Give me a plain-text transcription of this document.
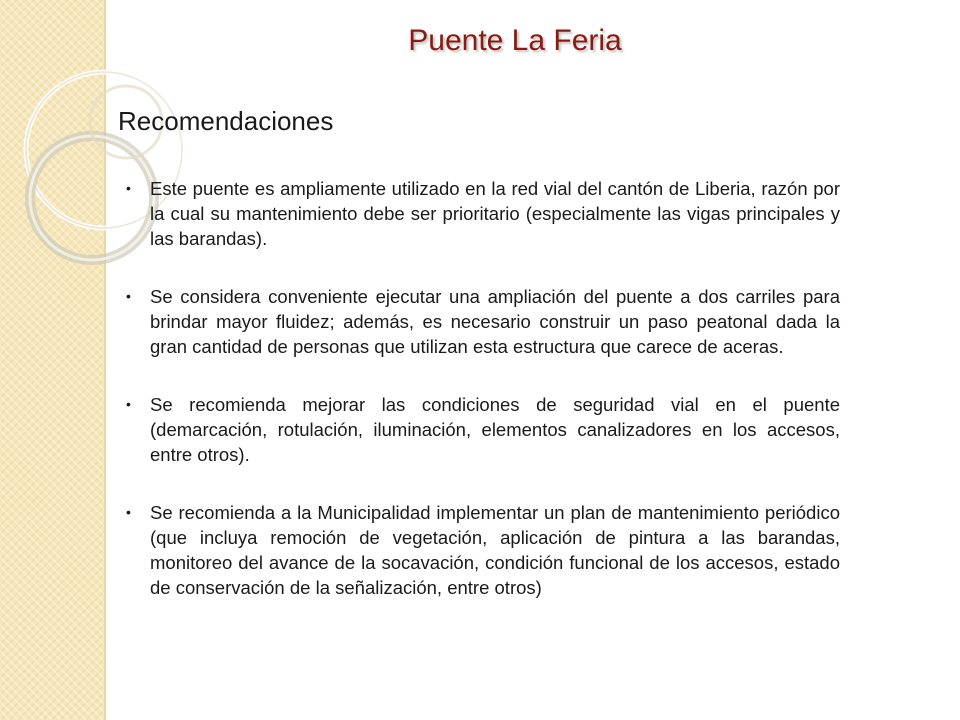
Puente La Feria
Recomendaciones
• Este puente es ampliamente utilizado en la red vial del cantón de Liberia, razón por la cual su mantenimiento debe ser prioritario (especialmente las vigas principales y las barandas).
• Se considera conveniente ejecutar una ampliación del puente a dos carriles para brindar mayor fluidez; además, es necesario construir un paso peatonal dada la gran cantidad de personas que utilizan esta estructura que carece de aceras.
• Se recomienda mejorar las condiciones de seguridad vial en el puente (demarcación, rotulación, iluminación, elementos canalizadores en los accesos, entre otros).
• Se recomienda a la Municipalidad implementar un plan de mantenimiento periódico (que incluya remoción de vegetación, aplicación de pintura a las barandas, monitoreo del avance de la socavación, condición funcional de los accesos, estado de conservación de la señalización, entre otros)
